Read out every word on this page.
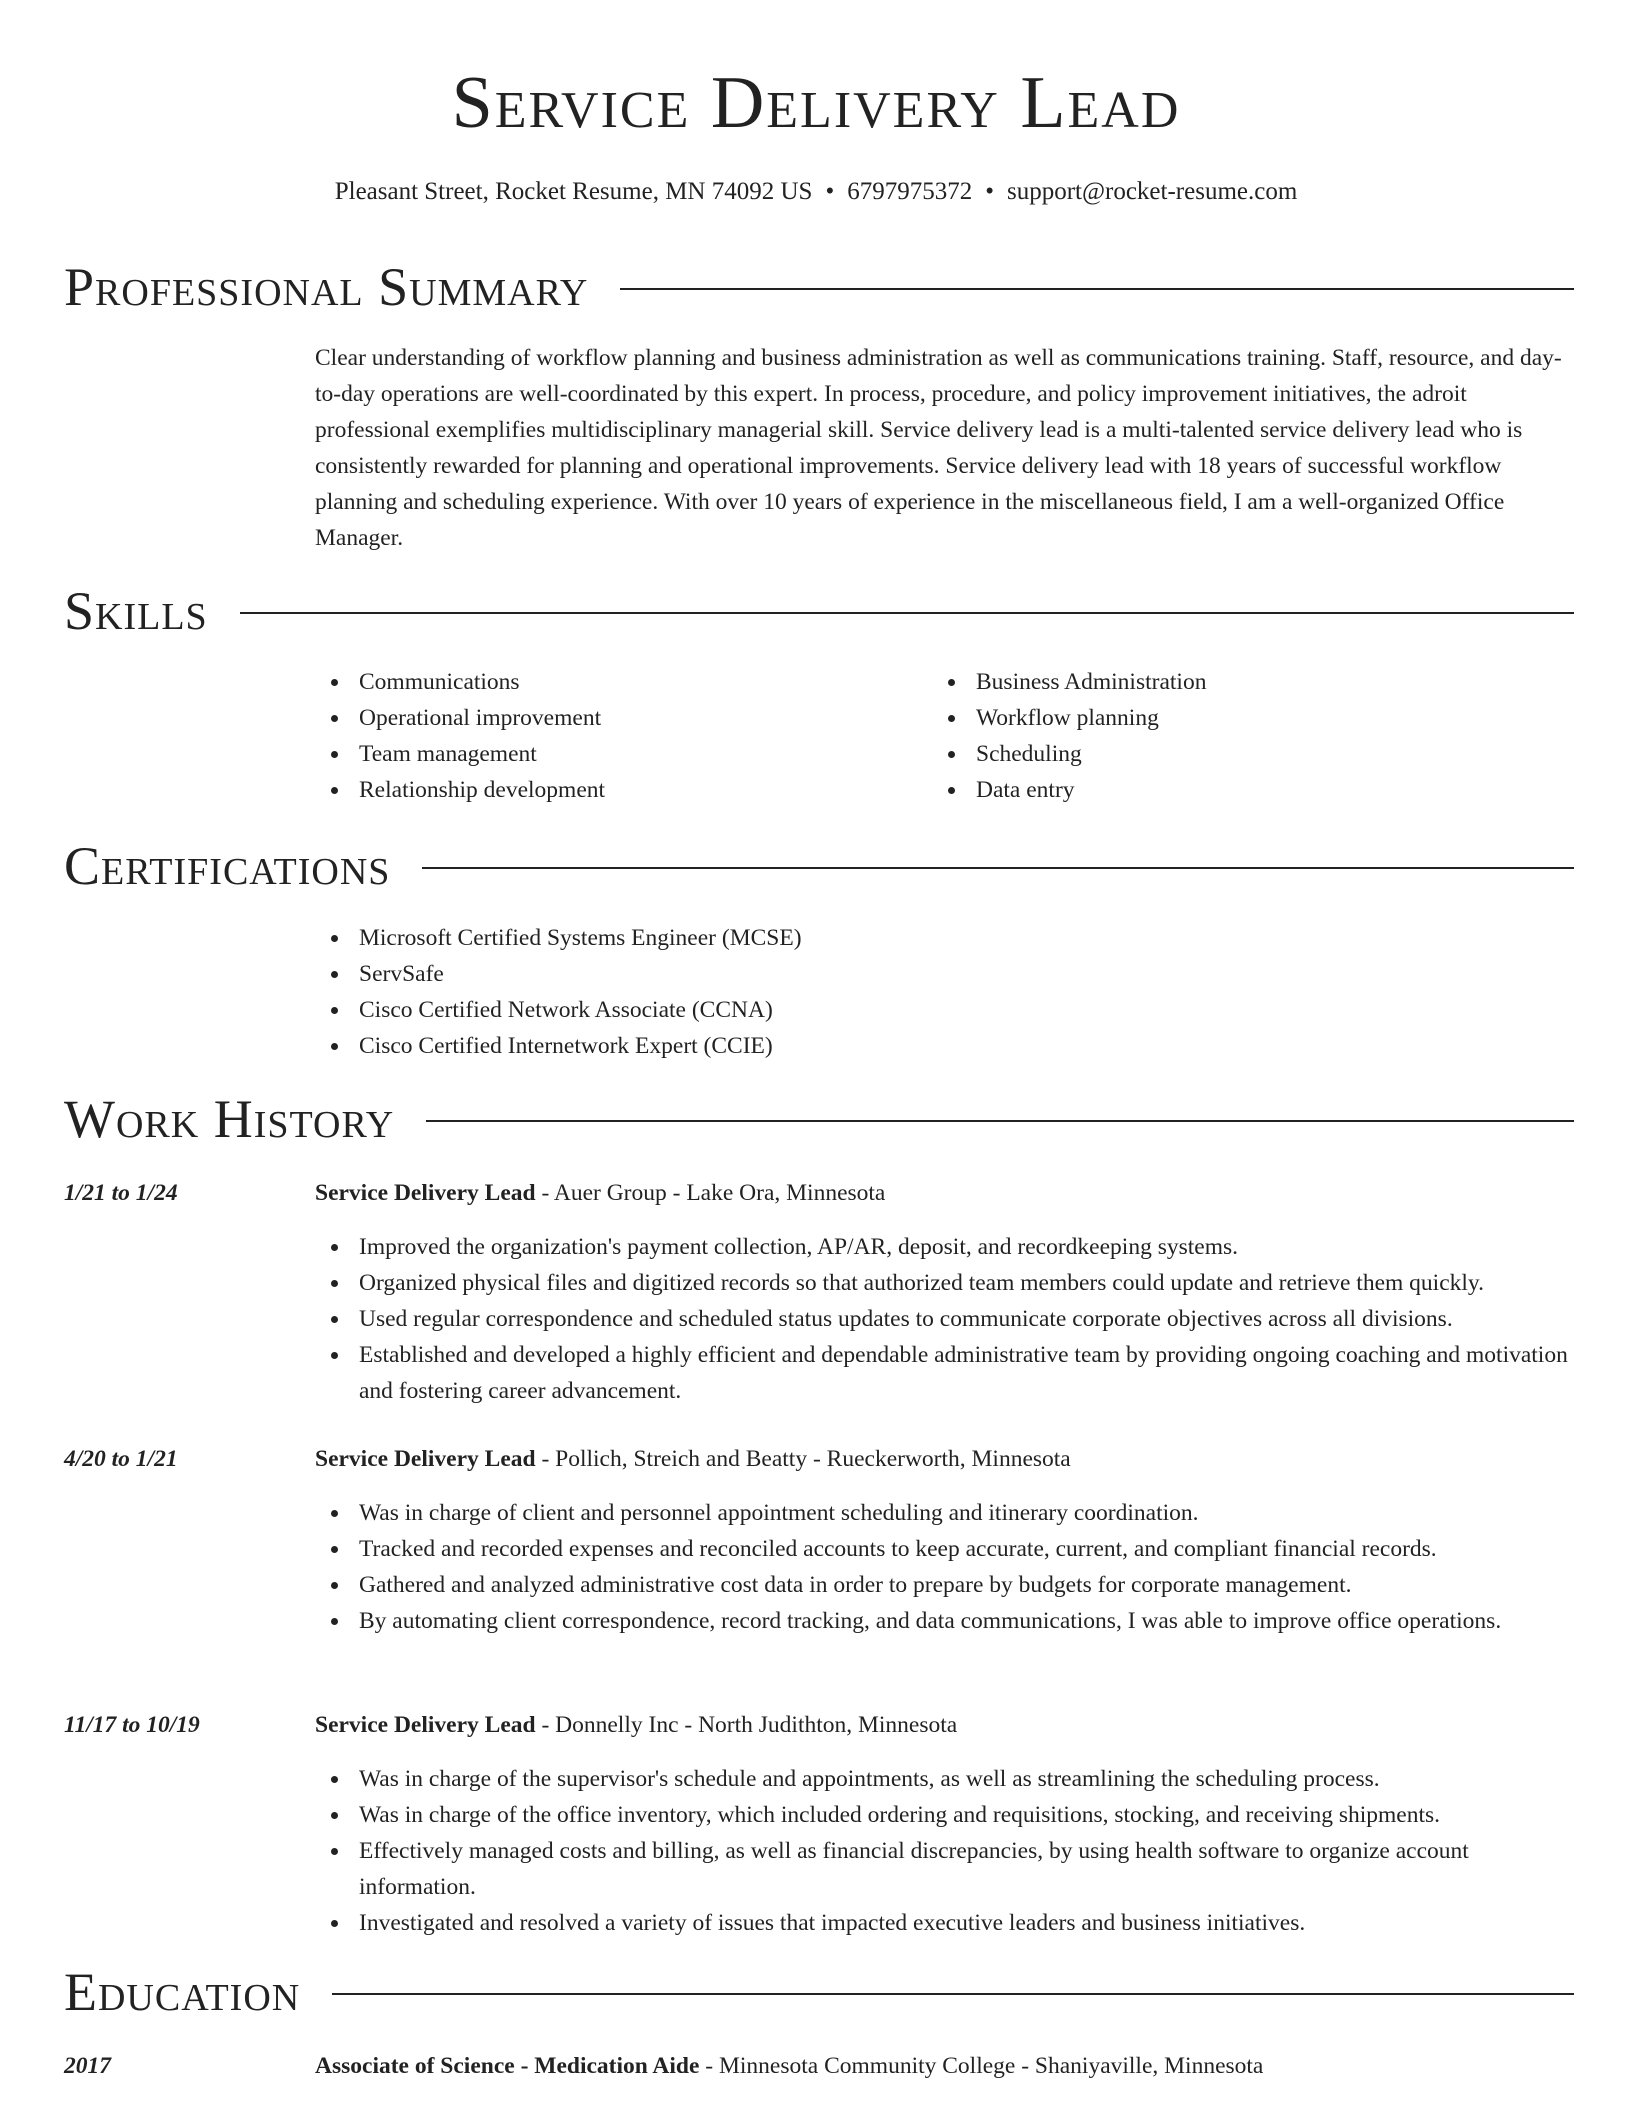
Service Delivery Lead
Pleasant Street, Rocket Resume, MN 74092 US • 6797975372 • support@rocket-resume.com
Professional Summary

Clear understanding of workflow planning and business administration as well as communications training. Staff, resource, and day-to-day operations are well-coordinated by this expert. In process, procedure, and policy improvement initiatives, the adroit professional exemplifies multidisciplinary managerial skill. Service delivery lead is a multi-talented service delivery lead who is consistently rewarded for planning and operational improvements. Service delivery lead with 18 years of successful workflow planning and scheduling experience. With over 10 years of experience in the miscellaneous field, I am a well-organized Office Manager.

Skills
Communications
Operational improvement
Team management
Relationship development
Business Administration
Workflow planning
Scheduling
Data entry
Certifications
Microsoft Certified Systems Engineer (MCSE)
ServSafe
Cisco Certified Network Associate (CCNA)
Cisco Certified Internetwork Expert (CCIE)
Work History
1/21 to 1/24	Service Delivery Lead - Auer Group - Lake Ora, Minnesota
Improved the organization's payment collection, AP/AR, deposit, and recordkeeping systems.
Organized physical files and digitized records so that authorized team members could update and retrieve them quickly.
Used regular correspondence and scheduled status updates to communicate corporate objectives across all divisions.
Established and developed a highly efficient and dependable administrative team by providing ongoing coaching and motivation and fostering career advancement.
4/20 to 1/21	Service Delivery Lead - Pollich, Streich and Beatty - Rueckerworth, Minnesota
Was in charge of client and personnel appointment scheduling and itinerary coordination.
Tracked and recorded expenses and reconciled accounts to keep accurate, current, and compliant financial records.
Gathered and analyzed administrative cost data in order to prepare by budgets for corporate management.
By automating client correspondence, record tracking, and data communications, I was able to improve office operations.
11/17 to 10/19	Service Delivery Lead - Donnelly Inc - North Judithton, Minnesota
Was in charge of the supervisor's schedule and appointments, as well as streamlining the scheduling process.
Was in charge of the office inventory, which included ordering and requisitions, stocking, and receiving shipments.
Effectively managed costs and billing, as well as financial discrepancies, by using health software to organize account information.
Investigated and resolved a variety of issues that impacted executive leaders and business initiatives.
Education
2017	Associate of Science - Medication Aide - Minnesota Community College - Shaniyaville, Minnesota
